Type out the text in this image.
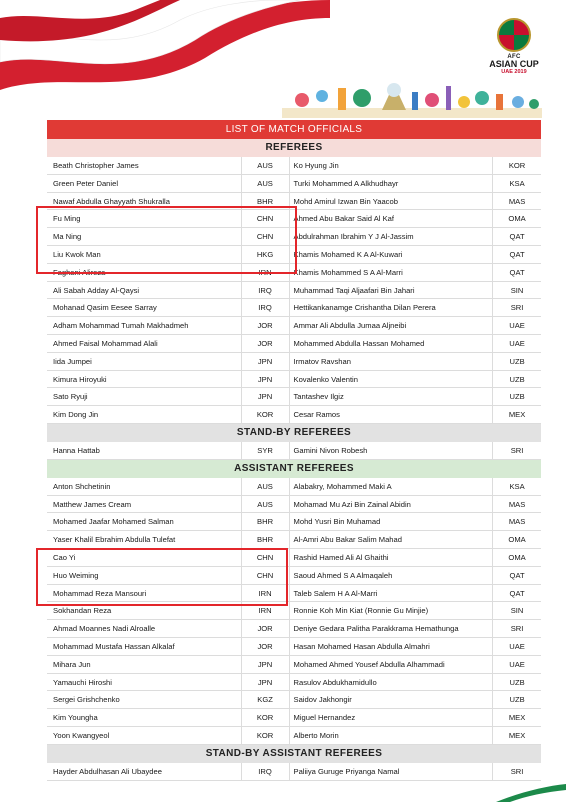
AFC
ASIAN CUP
UAE 2019
LIST OF MATCH OFFICIALS
REFEREES
Beath Christopher James	AUS	Ko Hyung Jin	KOR
Green Peter Daniel	AUS	Turki Mohammed A Alkhudhayr	KSA
Nawaf Abdulla Ghayyath Shukralla	BHR	Mohd Amirul Izwan Bin Yaacob	MAS
Fu Ming	CHN	Ahmed Abu Bakar Said Al Kaf	OMA
Ma Ning	CHN	Abdulrahman Ibrahim Y J Al-Jassim	QAT
Liu Kwok Man	HKG	Khamis Mohamed K A Al-Kuwari	QAT
Faghani Alireza	IRN	Khamis Mohammed S A Al-Marri	QAT
Ali Sabah Adday Al-Qaysi	IRQ	Muhammad Taqi Aljaafari Bin Jahari	SIN
Mohanad Qasim Eesee Sarray	IRQ	Hettikankanamge Crishantha Dilan Perera	SRI
Adham Mohammad Tumah Makhadmeh	JOR	Ammar Ali Abdulla Jumaa Aljneibi	UAE
Ahmed Faisal Mohammad Alali	JOR	Mohammed Abdulla Hassan Mohamed	UAE
Iida Jumpei	JPN	Irmatov Ravshan	UZB
Kimura Hiroyuki	JPN	Kovalenko Valentin	UZB
Sato Ryuji	JPN	Tantashev Ilgiz	UZB
Kim Dong Jin	KOR	Cesar Ramos	MEX
STAND-BY REFEREES
Hanna Hattab	SYR	Gamini Nivon Robesh	SRI
ASSISTANT REFEREES
Anton Shchetinin	AUS	Alabakry, Mohammed Maki A	KSA
Matthew James Cream	AUS	Mohamad Mu Azi Bin Zainal Abidin	MAS
Mohamed Jaafar Mohamed Salman	BHR	Mohd Yusri Bin Muhamad	MAS
Yaser Khalil Ebrahim Abdulla Tulefat	BHR	Al-Amri Abu Bakar Salim Mahad	OMA
Cao Yi	CHN	Rashid Hamed Ali Al Ghaithi	OMA
Huo Weiming	CHN	Saoud Ahmed S A Almaqaleh	QAT
Mohammad Reza Mansouri	IRN	Taleb Salem H A Al-Marri	QAT
Sokhandan Reza	IRN	Ronnie Koh Min Kiat (Ronnie Gu Minjie)	SIN
Ahmad Moannes Nadi Alroalle	JOR	Deniye Gedara Palitha Parakkrama Hemathunga	SRI
Mohammad Mustafa Hassan Alkalaf	JOR	Hasan Mohamed Hasan Abdulla Almahri	UAE
Mihara Jun	JPN	Mohamed Ahmed Yousef Abdulla Alhammadi	UAE
Yamauchi Hiroshi	JPN	Rasulov Abdukhamidullo	UZB
Sergei Grishchenko	KGZ	Saidov Jakhongir	UZB
Kim Youngha	KOR	Miguel Hernandez	MEX
Yoon Kwangyeol	KOR	Alberto Morin	MEX
STAND-BY ASSISTANT REFEREES
Hayder Abdulhasan Ali Ubaydee	IRQ	Paliiya Guruge Priyanga Namal	SRI
